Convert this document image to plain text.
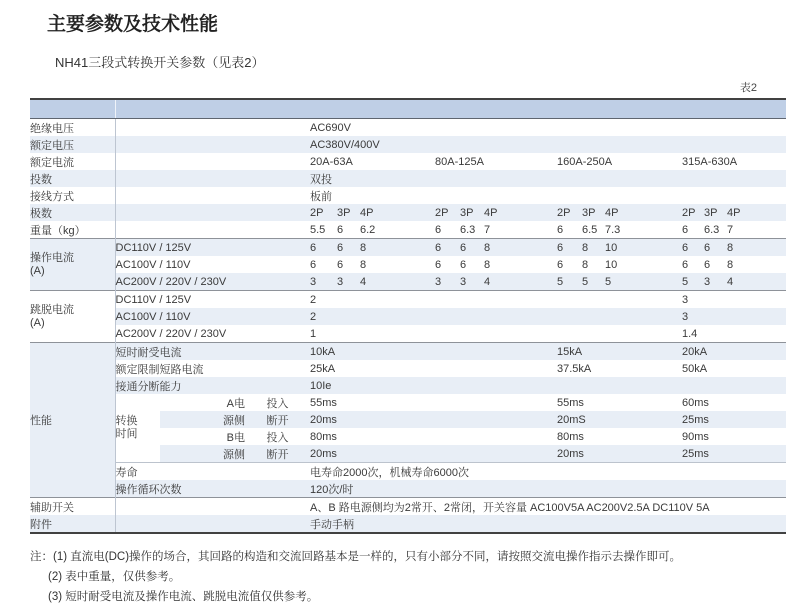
主要参数及技术性能
NH41三段式转换开关参数（见表2）
表2

绝缘电压				AC690V											
额定电压				AC380V/400V											
额定电流				20A-63A			80A-125A			160A-250A			315A-630A		
投数				双投											
接线方式				板前											
极数				2P	3P	4P	2P	3P	4P	2P	3P	4P	2P	3P	4P
重量（kg）				5.5	6	6.2	6	6.3	7	6	6.5	7.3	6	6.3	7

操作电流
(A)	DC110V / 125V			6	6	8	6	6	8	6	8	10	6	6	8
	AC100V / 110V			6	6	8	6	6	8	6	8	10	6	6	8
	AC200V / 220V / 230V			3	3	4	3	3	4	5	5	5	5	3	4

跳脱电流
(A)	DC110V / 125V			2									3		
	AC100V / 110V			2									3		
	AC200V / 220V / 230V			1									1.4		
性能	短时耐受电流			10kA						15kA			20kA		
	额定限制短路电流			25kA						37.5kA			50kA		
	接通分断能力			10Ie											

	转换
时间	A电	投入	55ms						55ms			60ms		
		源侧	断开	20ms						20mS			25ms		
		B电	投入	80ms						80ms			90ms		
		源侧	断开	20ms						20ms			25ms		
	寿命			电寿命2000次，机械寿命6000次											
	操作循环次数			120次/时											
辅助开关				A、B 路电源侧均为2常开、2常闭，开关容量 AC100V5A AC200V2.5A DC110V 5A											
附件				手动手柄											
注：(1) 直流电(DC)操作的场合，其回路的构造和交流回路基本是一样的，只有小部分不同，请按照交流电操作指示去操作即可。
(2) 表中重量，仅供参考。
(3) 短时耐受电流及操作电流、跳脱电流值仅供参考。
